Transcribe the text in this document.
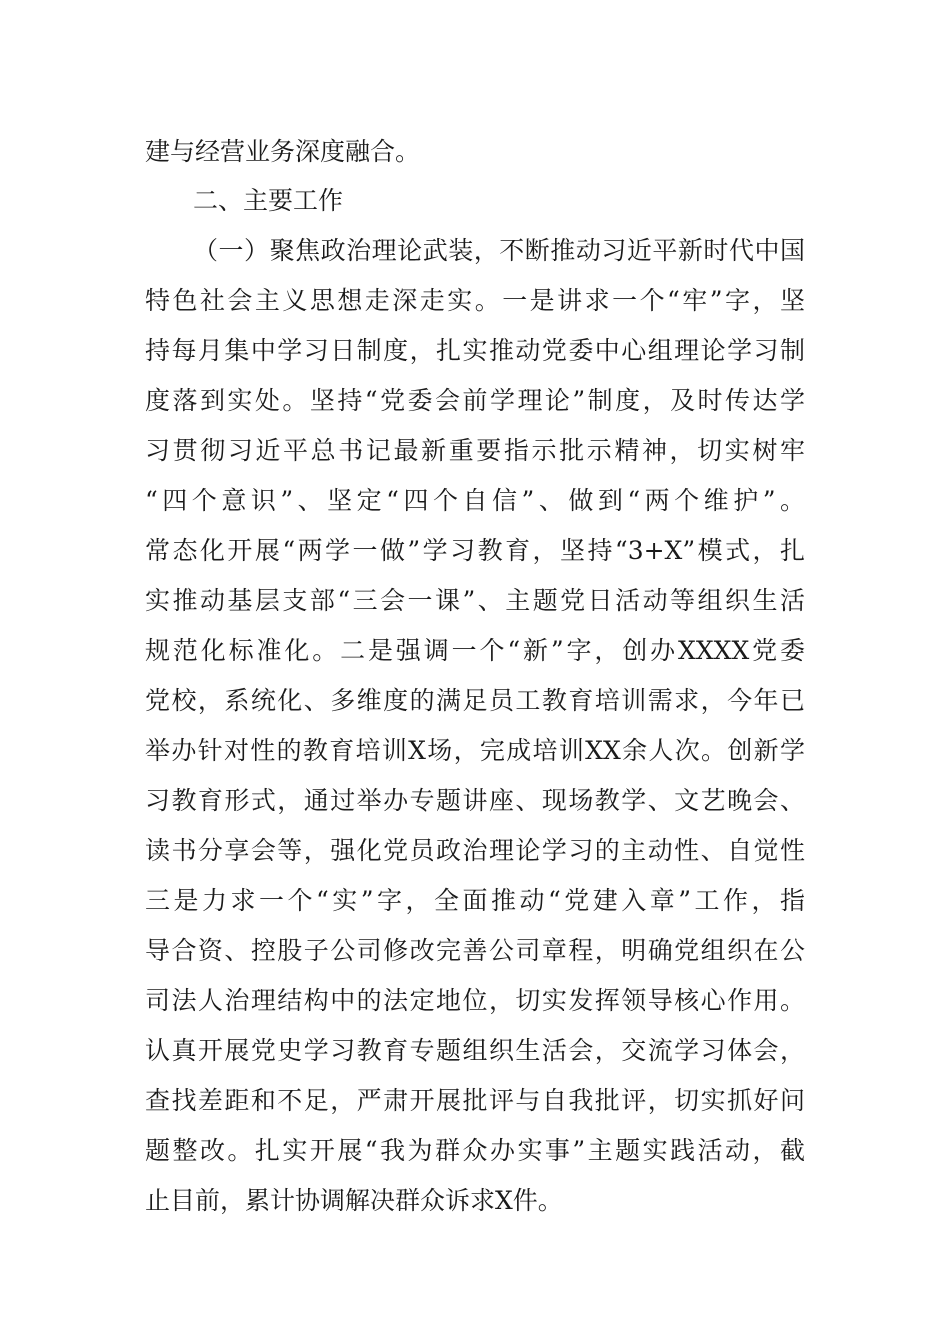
建与经营业务深度融合。
二、主要工作
（一）聚焦政治理论武装，不断推动习近平新时代中国
特色社会主义思想走深走实。一是讲求一个“牢”字，坚
持每月集中学习日制度，扎实推动党委中心组理论学习制
度落到实处。坚持“党委会前学理论”制度，及时传达学
习贯彻习近平总书记最新重要指示批示精神，切实树牢
“四个意识”、坚定“四个自信”、做到“两个维护”。
常态化开展“两学一做”学习教育，坚持“3+X”模式，扎
实推动基层支部“三会一课”、主题党日活动等组织生活
规范化标准化。二是强调一个“新”字，创办XXXX党委
党校，系统化、多维度的满足员工教育培训需求，今年已
举办针对性的教育培训X场，完成培训XX余人次。创新学
习教育形式，通过举办专题讲座、现场教学、文艺晚会、
读书分享会等，强化党员政治理论学习的主动性、自觉性
三是力求一个“实”字，全面推动“党建入章”工作，指
导合资、控股子公司修改完善公司章程，明确党组织在公
司法人治理结构中的法定地位，切实发挥领导核心作用。
认真开展党史学习教育专题组织生活会，交流学习体会，
查找差距和不足，严肃开展批评与自我批评，切实抓好问
题整改。扎实开展“我为群众办实事”主题实践活动，截
止目前，累计协调解决群众诉求X件。
